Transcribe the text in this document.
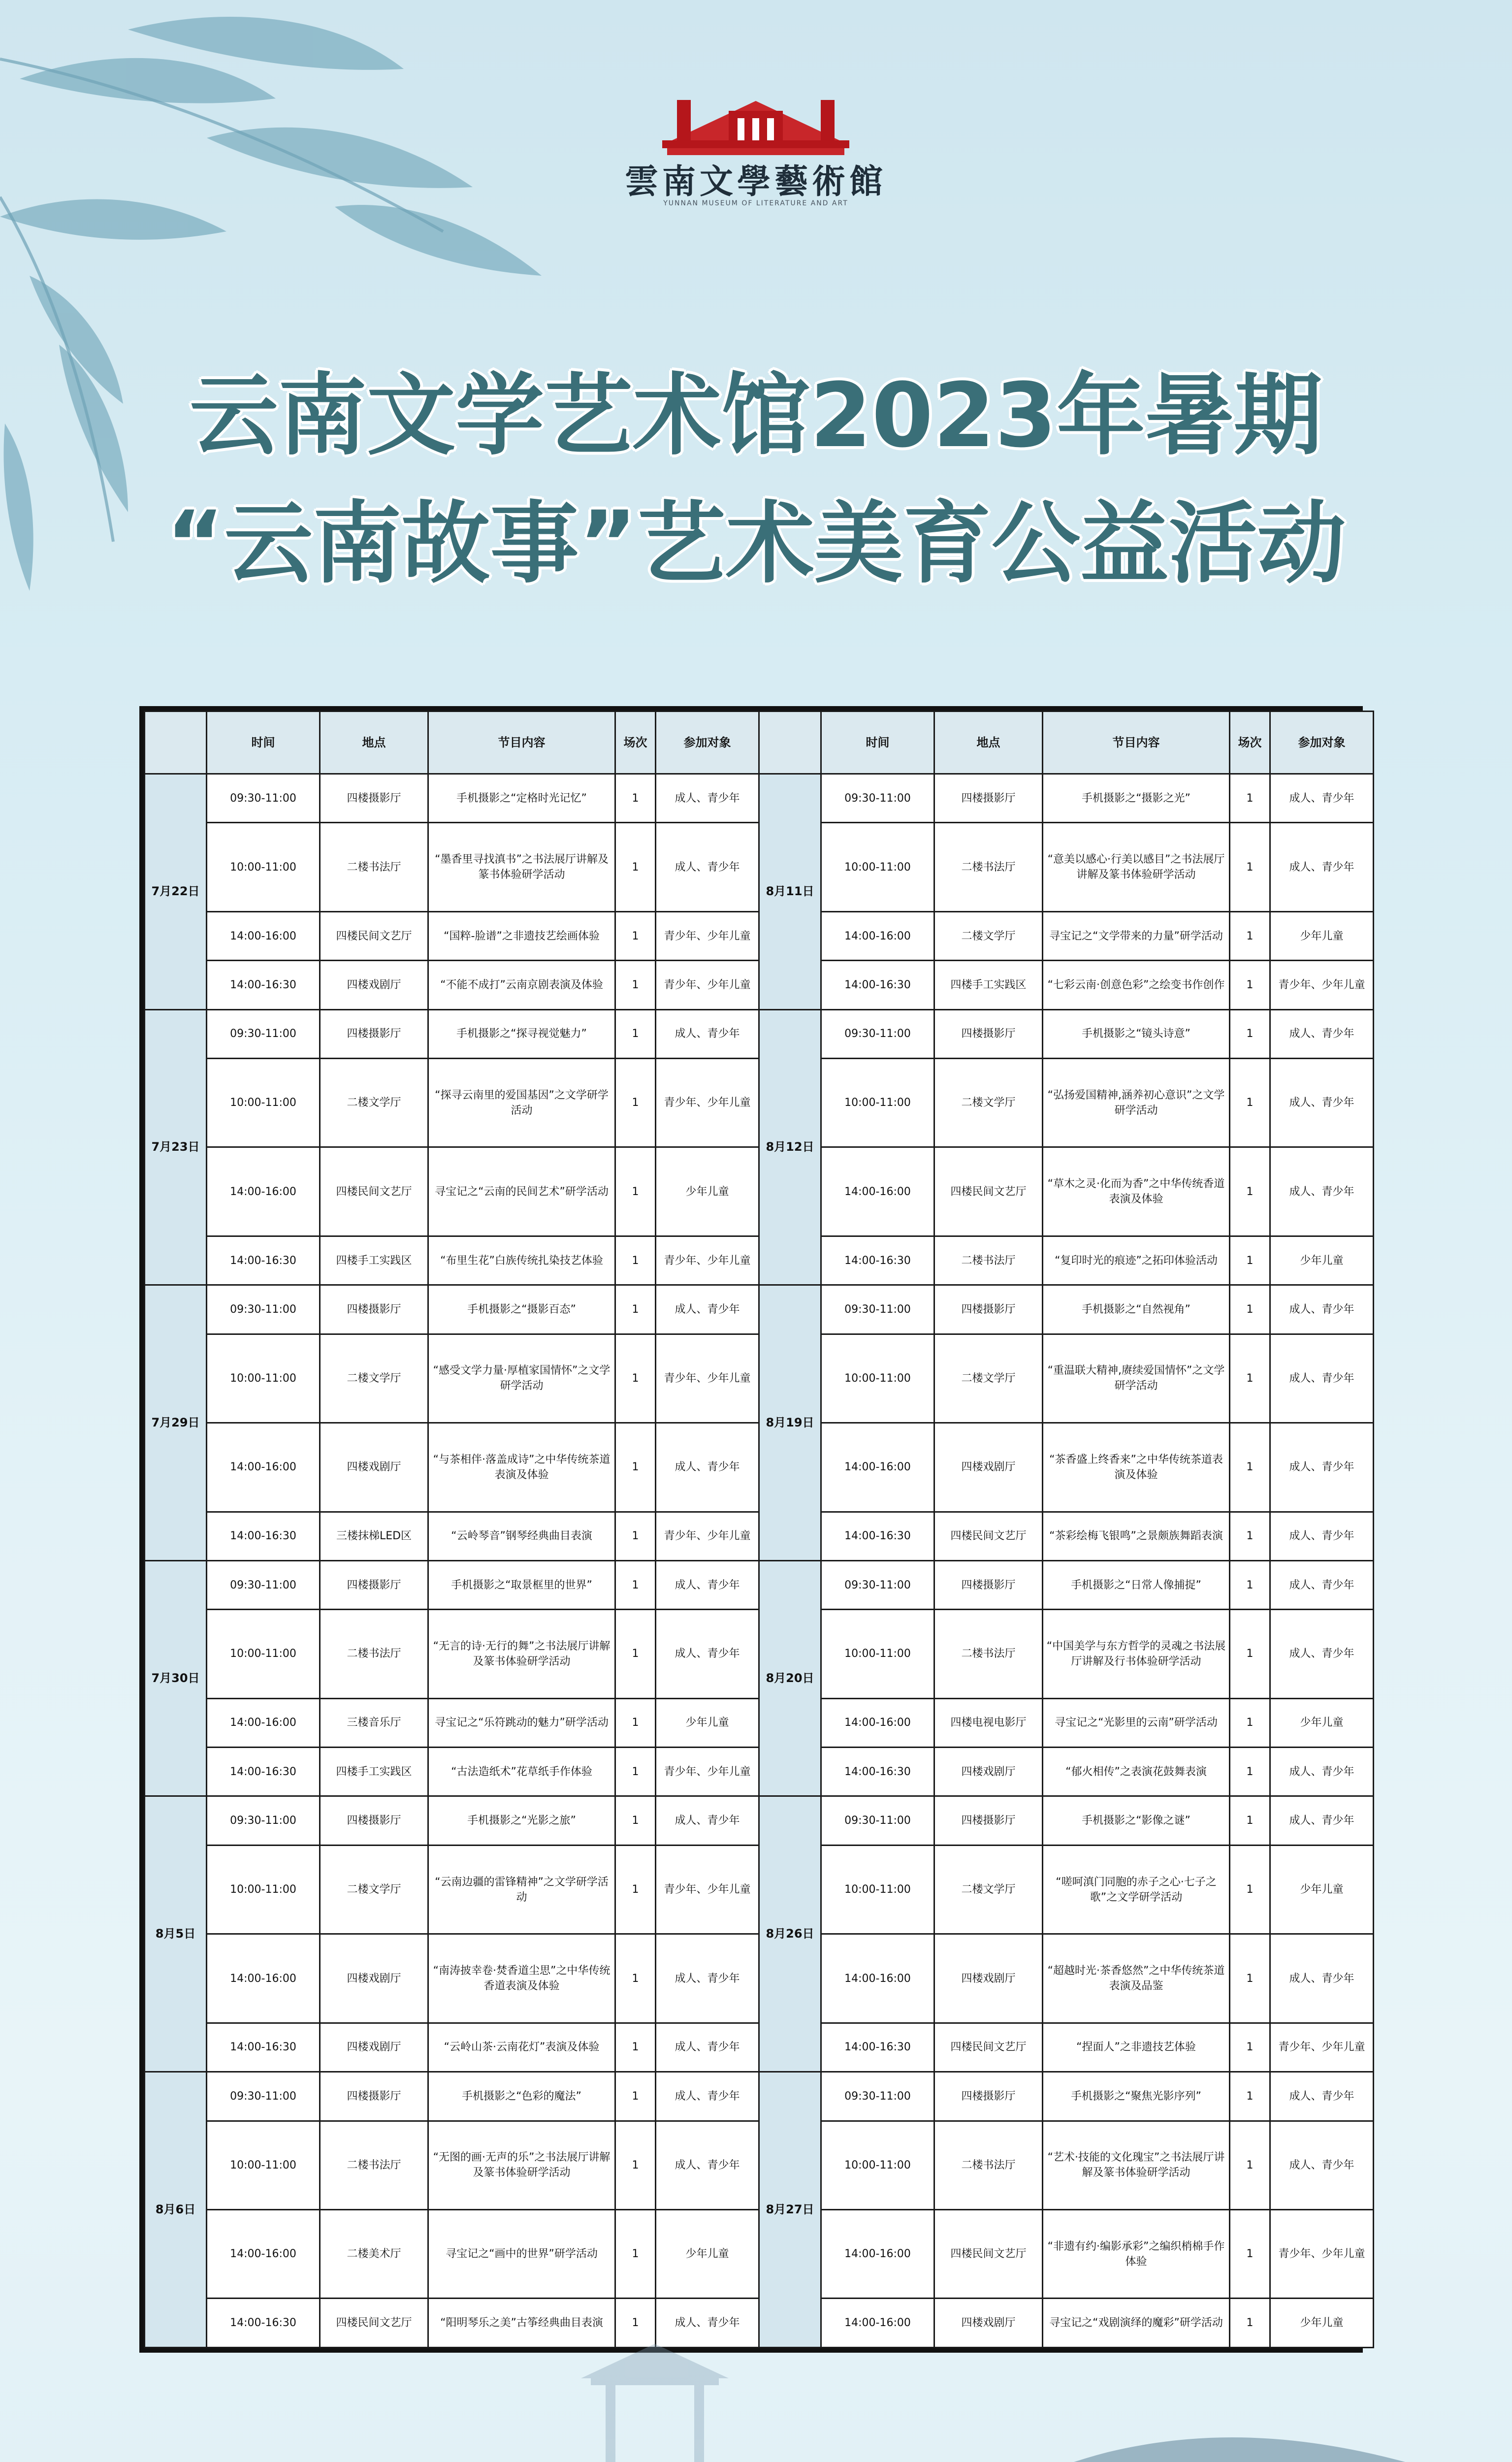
雲南文學藝術館
YUNNAN MUSEUM OF LITERATURE AND ART
云南文学艺术馆2023年暑期
“云南故事”艺术美育公益活动
	时间	地点	节目内容	场次	参加对象		时间	地点	节目内容	场次	参加对象
7月22日	09:30-11:00	四楼摄影厅	手机摄影之“定格时光记忆”	1	成人、青少年	8月11日	09:30-11:00	四楼摄影厅	手机摄影之“摄影之光”	1	成人、青少年
	10:00-11:00	二楼书法厅	“墨香里寻找滇书”之书法展厅讲解及篆书体验研学活动	1	成人、青少年		10:00-11:00	二楼书法厅	“意美以感心·行美以感目”之书法展厅讲解及篆书体验研学活动	1	成人、青少年
	14:00-16:00	四楼民间文艺厅	“国粹-脸谱”之非遗技艺绘画体验	1	青少年、少年儿童		14:00-16:00	二楼文学厅	寻宝记之“文学带来的力量”研学活动	1	少年儿童
	14:00-16:30	四楼戏剧厅	“不能不成打”云南京剧表演及体验	1	青少年、少年儿童		14:00-16:30	四楼手工实践区	“七彩云南·创意色彩”之绘变书作创作	1	青少年、少年儿童
7月23日	09:30-11:00	四楼摄影厅	手机摄影之“探寻视觉魅力”	1	成人、青少年	8月12日	09:30-11:00	四楼摄影厅	手机摄影之“镜头诗意”	1	成人、青少年
	10:00-11:00	二楼文学厅	“探寻云南里的爱国基因”之文学研学活动	1	青少年、少年儿童		10:00-11:00	二楼文学厅	“弘扬爱国精神,涵养初心意识”之文学研学活动	1	成人、青少年
	14:00-16:00	四楼民间文艺厅	寻宝记之“云南的民间艺术”研学活动	1	少年儿童		14:00-16:00	四楼民间文艺厅	“草木之灵·化而为香”之中华传统香道表演及体验	1	成人、青少年
	14:00-16:30	四楼手工实践区	“布里生花”白族传统扎染技艺体验	1	青少年、少年儿童		14:00-16:30	二楼书法厅	“复印时光的痕迹”之拓印体验活动	1	少年儿童
7月29日	09:30-11:00	四楼摄影厅	手机摄影之“摄影百态”	1	成人、青少年	8月19日	09:30-11:00	四楼摄影厅	手机摄影之“自然视角”	1	成人、青少年
	10:00-11:00	二楼文学厅	“感受文学力量·厚植家国情怀”之文学研学活动	1	青少年、少年儿童		10:00-11:00	二楼文学厅	“重温联大精神,赓续爱国情怀”之文学研学活动	1	成人、青少年
	14:00-16:00	四楼戏剧厅	“与茶相伴·落盖成诗”之中华传统茶道表演及体验	1	成人、青少年		14:00-16:00	四楼戏剧厅	“茶香盛上终香来”之中华传统茶道表演及体验	1	成人、青少年
	14:00-16:30	三楼抹梯LED区	“云岭琴音”钢琴经典曲目表演	1	青少年、少年儿童		14:00-16:30	四楼民间文艺厅	“茶彩绘梅飞银鸣”之景颇族舞蹈表演	1	成人、青少年
7月30日	09:30-11:00	四楼摄影厅	手机摄影之“取景框里的世界”	1	成人、青少年	8月20日	09:30-11:00	四楼摄影厅	手机摄影之“日常人像捕捉”	1	成人、青少年
	10:00-11:00	二楼书法厅	“无言的诗·无行的舞”之书法展厅讲解及篆书体验研学活动	1	成人、青少年		10:00-11:00	二楼书法厅	“中国美学与东方哲学的灵魂之书法展厅讲解及行书体验研学活动	1	成人、青少年
	14:00-16:00	三楼音乐厅	寻宝记之“乐符跳动的魅力”研学活动	1	少年儿童		14:00-16:00	四楼电视电影厅	寻宝记之“光影里的云南”研学活动	1	少年儿童
	14:00-16:30	四楼手工实践区	“古法造纸术”花草纸手作体验	1	青少年、少年儿童		14:00-16:30	四楼戏剧厅	“郁火相传”之表演花鼓舞表演	1	成人、青少年
8月5日	09:30-11:00	四楼摄影厅	手机摄影之“光影之旅”	1	成人、青少年	8月26日	09:30-11:00	四楼摄影厅	手机摄影之“影像之谜”	1	成人、青少年
	10:00-11:00	二楼文学厅	“云南边疆的雷锋精神”之文学研学活动	1	青少年、少年儿童		10:00-11:00	二楼文学厅	“嗟呵滇门同胞的赤子之心·七子之歌”之文学研学活动	1	少年儿童
	14:00-16:00	四楼戏剧厅	“南涛披幸卷·焚香道尘思”之中华传统香道表演及体验	1	成人、青少年		14:00-16:00	四楼戏剧厅	“超越时光·茶香悠然”之中华传统茶道表演及品鉴	1	成人、青少年
	14:00-16:30	四楼戏剧厅	“云岭山茶·云南花灯”表演及体验	1	成人、青少年		14:00-16:30	四楼民间文艺厅	“捏面人”之非遗技艺体验	1	青少年、少年儿童
8月6日	09:30-11:00	四楼摄影厅	手机摄影之“色彩的魔法”	1	成人、青少年	8月27日	09:30-11:00	四楼摄影厅	手机摄影之“聚焦光影序列”	1	成人、青少年
	10:00-11:00	二楼书法厅	“无图的画·无声的乐”之书法展厅讲解及篆书体验研学活动	1	成人、青少年		10:00-11:00	二楼书法厅	“艺术·技能的文化瑰宝”之书法展厅讲解及篆书体验研学活动	1	成人、青少年
	14:00-16:00	二楼美术厅	寻宝记之“画中的世界”研学活动	1	少年儿童		14:00-16:00	四楼民间文艺厅	“非遗有约·编影承彩”之编织梢棉手作体验	1	青少年、少年儿童
	14:00-16:30	四楼民间文艺厅	“阳明琴乐之美”古筝经典曲目表演	1	成人、青少年		14:00-16:00	四楼戏剧厅	寻宝记之“戏剧演绎的魔彩”研学活动	1	少年儿童
